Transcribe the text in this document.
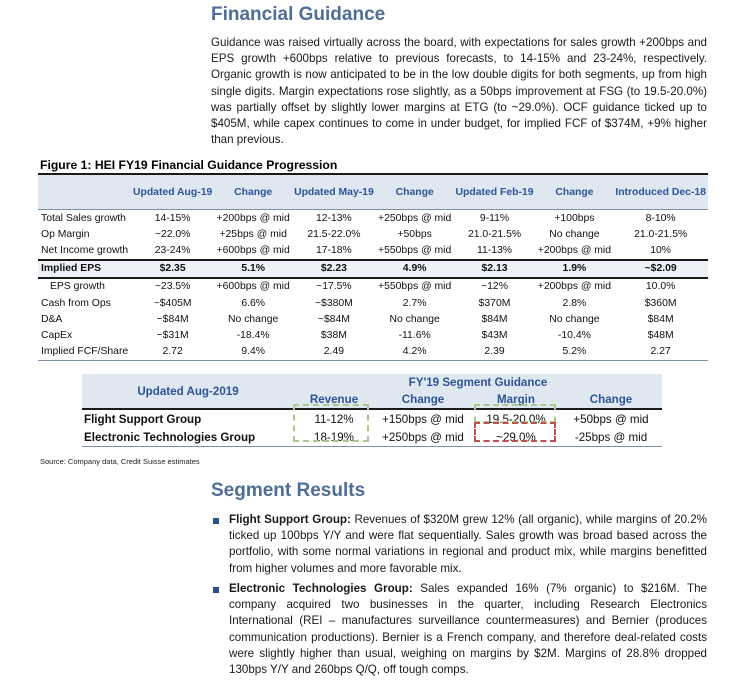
Financial Guidance
Guidance was raised virtually across the board, with expectations for sales growth +200bps and EPS growth +600bps relative to previous forecasts, to 14-15% and 23-24%, respectively. Organic growth is now anticipated to be in the low double digits for both segments, up from high single digits. Margin expectations rose slightly, as a 50bps improvement at FSG (to 19.5-20.0%) was partially offset by slightly lower margins at ETG (to ~29.0%). OCF guidance ticked up to $405M, while capex continues to come in under budget, for implied FCF of $374M, +9% higher than previous.
Figure 1: HEI FY19 Financial Guidance Progression
	Updated Aug-19	Change	Updated May-19	Change	Updated Feb-19	Change	Introduced Dec-18
Total Sales growth	14-15%	+200bps @ mid	12-13%	+250bps @ mid	9-11%	+100bps	8-10%
Op Margin	~22.0%	+25bps @ mid	21.5-22.0%	+50bps	21.0-21.5%	No change	21.0-21.5%
Net Income growth	23-24%	+600bps @ mid	17-18%	+550bps @ mid	11-13%	+200bps @ mid	10%
Implied EPS	$2.35	5.1%	$2.23	4.9%	$2.13	1.9%	~$2.09
EPS growth	~23.5%	+600bps @ mid	~17.5%	+550bps @ mid	~12%	+200bps @ mid	10.0%
Cash from Ops	~$405M	6.6%	~$380M	2.7%	$370M	2.8%	$360M
D&A	~$84M	No change	~$84M	No change	$84M	No change	$84M
CapEx	~$31M	-18.4%	$38M	-11.6%	$43M	-10.4%	$48M
Implied FCF/Share	2.72	9.4%	2.49	4.2%	2.39	5.2%	2.27
Updated Aug-2019	FY'19 Segment Guidance			
	Revenue	Change	Margin	Change
Flight Support Group	11-12%	+150bps @ mid	19.5-20.0%	+50bps @ mid
Electronic Technologies Group	18-19%	+250bps @ mid	~29.0%	-25bps @ mid
Source: Company data, Credit Suisse estimates
Segment Results
Flight Support Group: Revenues of $320M grew 12% (all organic), while margins of 20.2% ticked up 100bps Y/Y and were flat sequentially. Sales growth was broad based across the portfolio, with some normal variations in regional and product mix, while margins benefitted from higher volumes and more favorable mix.
Electronic Technologies Group: Sales expanded 16% (7% organic) to $216M. The company acquired two businesses in the quarter, including Research Electronics International (REI – manufactures surveillance countermeasures) and Bernier (produces communication productions). Bernier is a French company, and therefore deal-related costs were slightly higher than usual, weighing on margins by $2M. Margins of 28.8% dropped 130bps Y/Y and 260bps Q/Q, off tough comps.
